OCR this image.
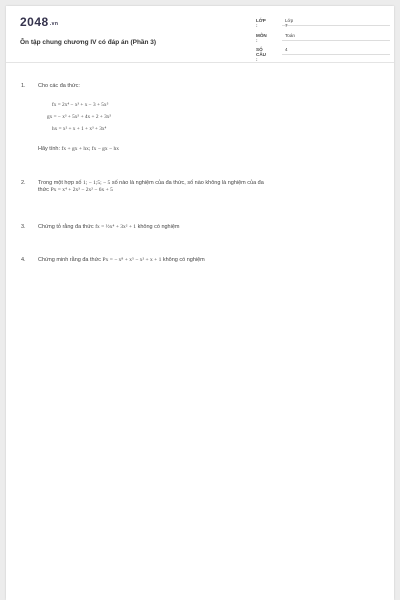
$2048^{.vn}$
Ôn tập chung chương IV có đáp án (Phần 3)
LỚP :
Lớp 7
MÔN :
Toán
SỐ CÂU :
4
1. Cho các đa thức:
fx = 2x⁴ − x³ + x − 3 + 5x⁵
gx = − x³ + 5x⁵ + 4x + 2 + 3x⁵
hx = x² + x + 1 + x³ + 3x⁴
Hãy tính: fx + gx + hx; fx − gx − hx
2. Trong một hợp số 1; − 1;5; − 5 số nào là nghiệm của đa thức, số nào không là nghiệm của đa
thức Px = x⁴ + 2x³ − 2x² − 6x + 5
3. Chứng tỏ rằng đa thức fx = ½x⁴ + 3x² + 1 không có nghiệm
4. Chứng minh rằng đa thức Px = − x⁸ + x⁵ − x² + x + 1 không có nghiệm
